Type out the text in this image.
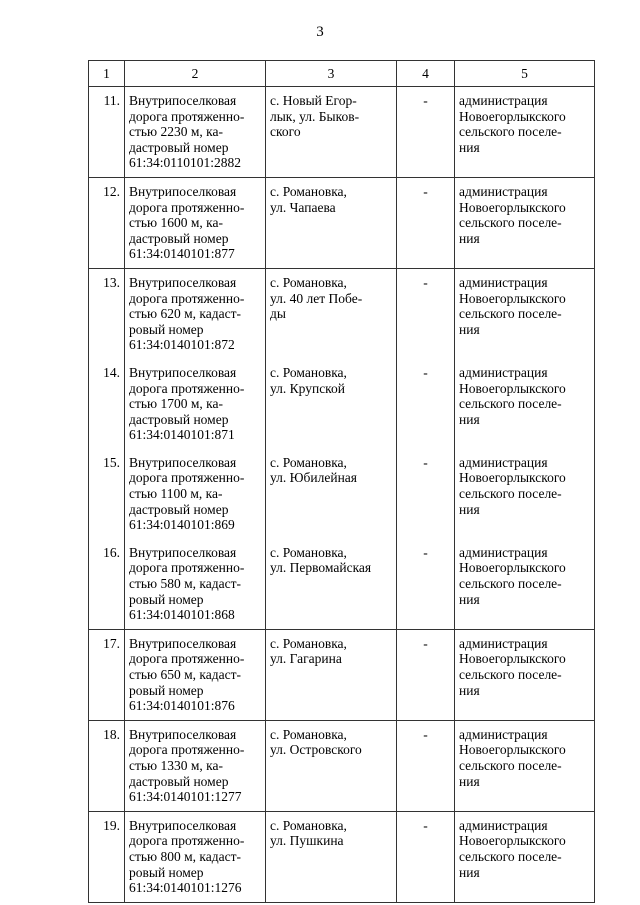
3
1	2	3	4	5
11.	Внутрипоселковая
дорога протяженно-
стью 2230 м, ка-
дастровый номер
61:34:0110101:2882	с. Новый Егор-
лык, ул. Быков-
ского	-	администрация
Новоегорлыкского
сельского поселе-
ния

12.	Внутрипоселковая
дорога протяженно-
стью 1600 м, ка-
дастровый номер
61:34:0140101:877	с. Романовка,
ул. Чапаева	-	администрация
Новоегорлыкского
сельского поселе-
ния

13.	Внутрипоселковая
дорога протяженно-
стью 620 м, кадаст-
ровый номер
61:34:0140101:872	с. Романовка,
ул. 40 лет Побе-
ды	-	администрация
Новоегорлыкского
сельского поселе-
ния

14.	Внутрипоселковая
дорога протяженно-
стью 1700 м, ка-
дастровый номер
61:34:0140101:871	с. Романовка,
ул. Крупской	-	администрация
Новоегорлыкского
сельского поселе-
ния

15.	Внутрипоселковая
дорога протяженно-
стью 1100 м, ка-
дастровый номер
61:34:0140101:869	с. Романовка,
ул. Юбилейная	-	администрация
Новоегорлыкского
сельского поселе-
ния

16.	Внутрипоселковая
дорога протяженно-
стью 580 м, кадаст-
ровый номер
61:34:0140101:868	с. Романовка,
ул. Первомайская	-	администрация
Новоегорлыкского
сельского поселе-
ния

17.	Внутрипоселковая
дорога протяженно-
стью 650 м, кадаст-
ровый номер
61:34:0140101:876	с. Романовка,
ул. Гагарина	-	администрация
Новоегорлыкского
сельского поселе-
ния

18.	Внутрипоселковая
дорога протяженно-
стью 1330 м, ка-
дастровый номер
61:34:0140101:1277	с. Романовка,
ул. Островского	-	администрация
Новоегорлыкского
сельского поселе-
ния

19.	Внутрипоселковая
дорога протяженно-
стью 800 м, кадаст-
ровый номер
61:34:0140101:1276	с. Романовка,
ул. Пушкина	-	администрация
Новоегорлыкского
сельского поселе-
ния
